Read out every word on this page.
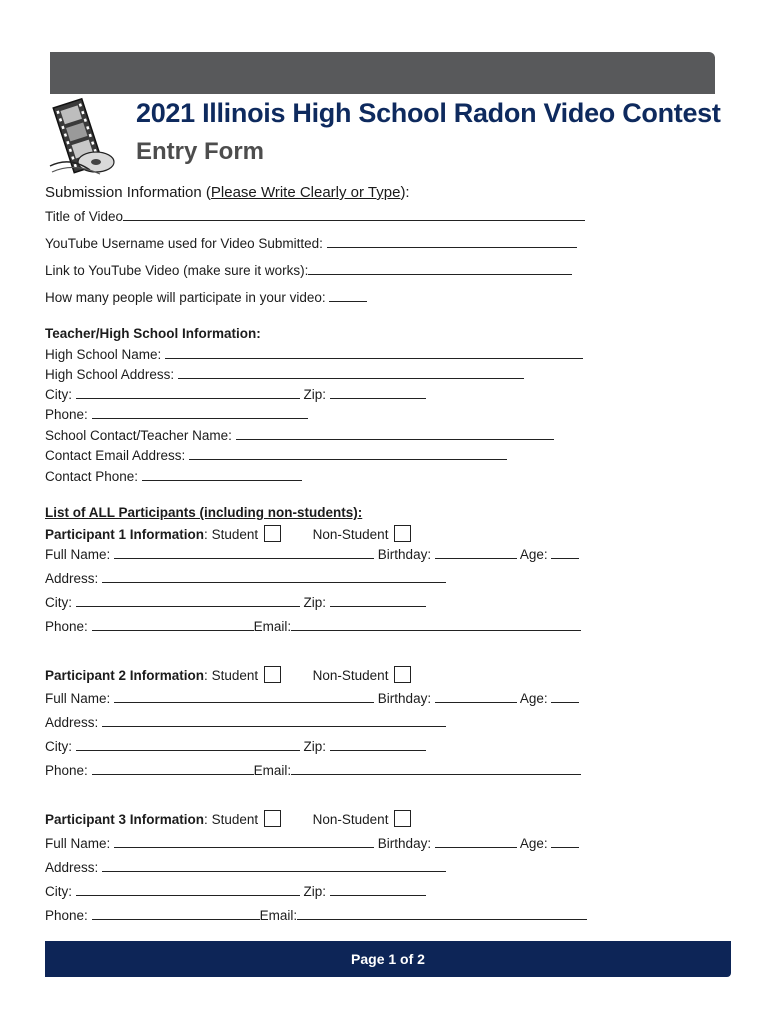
2021 Illinois High School Radon Video Contest
Entry Form
Submission Information (Please Write Clearly or Type):
Title of Video
YouTube Username used for Video Submitted:
Link to YouTube Video (make sure it works):
How many people will participate in your video:
Teacher/High School Information:
High School Name:
High School Address:
City:	Zip:
Phone:
School Contact/Teacher Name:
Contact Email Address:
Contact Phone:
List of ALL Participants (including non-students):
Participant 1 Information: Student	Non-Student
Full Name:	Birthday:	Age:
Address:
City:	Zip:
Phone:	Email:
Participant 2 Information: Student	Non-Student
Full Name:	Birthday:	Age:
Address:
City:	Zip:
Phone:	Email:
Participant 3 Information: Student	Non-Student
Full Name:	Birthday:	Age:
Address:
City:	Zip:
Phone:	Email:
Page 1 of 2
